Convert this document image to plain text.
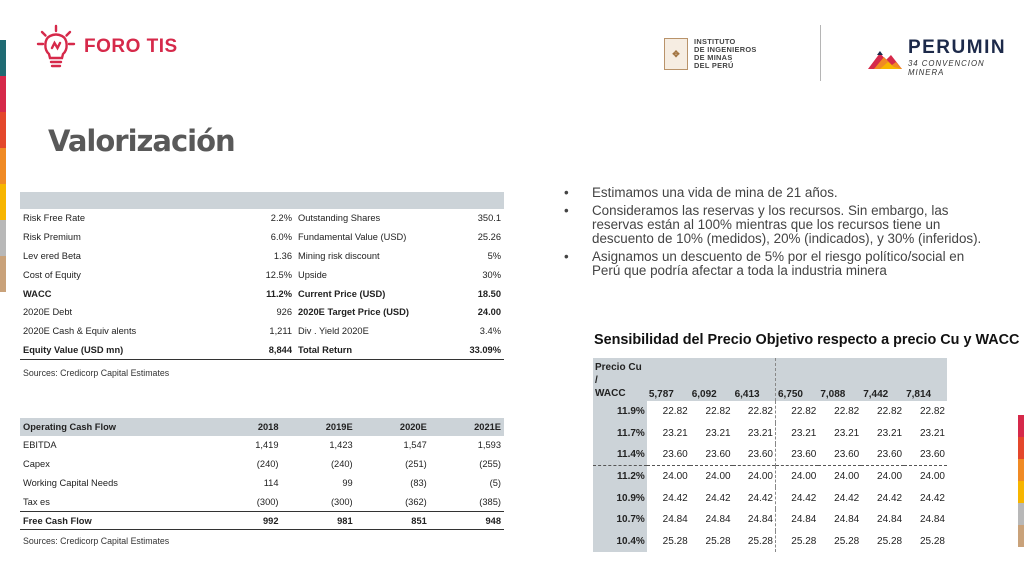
FORO TIS	✥
INSTITUTO
DE INGENIEROS
DE MINAS
DEL PERÚ
PERUMIN
34 CONVENCION MINERA
Valorización

Risk Free Rate	2.2%	Outstanding Shares	350.1
Risk Premium	6.0%	Fundamental Value (USD)	25.26
Lev ered Beta	1.36	Mining risk discount	5%
Cost of Equity	12.5%	Upside	30%
WACC	11.2%	Current Price (USD)	18.50
2020E Debt	926	2020E Target Price (USD)	24.00
2020E Cash & Equiv alents	1,211	Div . Yield 2020E	3.4%
Equity Value (USD mn)	8,844	Total Return	33.09%
Sources: Credicorp Capital Estimates
Operating Cash Flow	2018	2019E	2020E	2021E
EBITDA	1,419	1,423	1,547	1,593
Capex	(240)	(240)	(251)	(255)
Working Capital Needs	114	99	(83)	(5)
Tax es	(300)	(300)	(362)	(385)
Free Cash Flow	992	981	851	948
Sources: Credicorp Capital Estimates
•	Estimamos una vida de mina de 21 años.
•	Consideramos las reservas y los recursos. Sin embargo, las reservas están al 100% mientras que los recursos tiene un descuento de 10% (medidos), 20% (indicados), y 30% (inferidos).
•	Asignamos un descuento de 5% por el riesgo político/social en Perú que podría afectar a toda la industria minera
Sensibilidad del Precio Objetivo respecto a precio Cu y WACC
Precio Cu /
WACC	5,787	6,092	6,413	6,750	7,088	7,442	7,814
11.9%	22.82	22.82	22.82	22.82	22.82	22.82	22.82
11.7%	23.21	23.21	23.21	23.21	23.21	23.21	23.21
11.4%	23.60	23.60	23.60	23.60	23.60	23.60	23.60
11.2%	24.00	24.00	24.00	24.00	24.00	24.00	24.00
10.9%	24.42	24.42	24.42	24.42	24.42	24.42	24.42
10.7%	24.84	24.84	24.84	24.84	24.84	24.84	24.84
10.4%	25.28	25.28	25.28	25.28	25.28	25.28	25.28
